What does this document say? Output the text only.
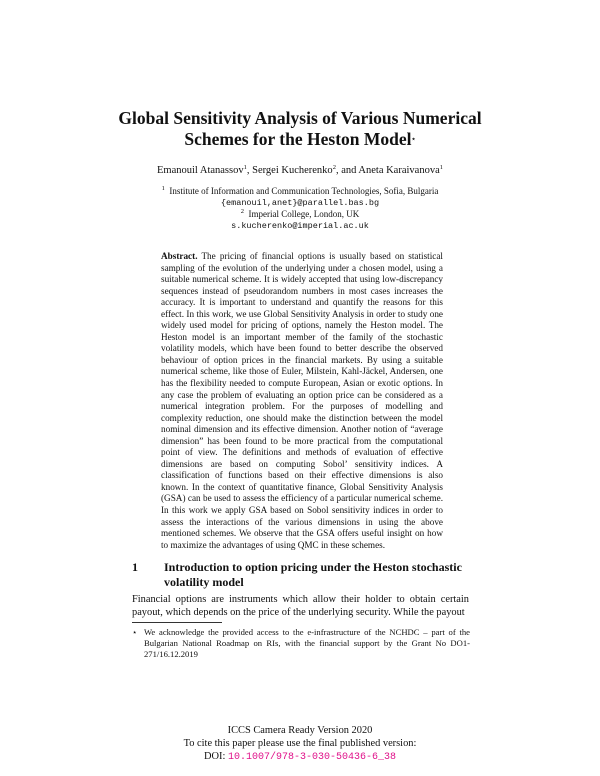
Global Sensitivity Analysis of Various Numerical
Schemes for the Heston Model⋆
Emanouil Atanassov$^1$, Sergei Kucherenko$^2$, and Aneta Karaivanova$^1$
$^1$ Institute of Information and Communication Technologies, Sofia, Bulgaria
{emanouil,anet}@parallel.bas.bg
$^2$ Imperial College, London, UK
s.kucherenko@imperial.ac.uk
Abstract. The pricing of financial options is usually based on statistical sampling of the evolution of the underlying under a chosen model, using a suitable numerical scheme. It is widely accepted that using low-discrepancy sequences instead of pseudorandom numbers in most cases increases the accuracy. It is important to understand and quantify the reasons for this effect. In this work, we use Global Sensitivity Analysis in order to study one widely used model for pricing of options, namely the Heston model. The Heston model is an important member of the family of the stochastic volatility models, which have been found to better describe the observed behaviour of option prices in the financial markets. By using a suitable numerical scheme, like those of Euler, Milstein, Kahl-Jäckel, Andersen, one has the flexibility needed to compute European, Asian or exotic options. In any case the problem of evaluating an option price can be considered as a numerical integration problem. For the purposes of modelling and complexity reduction, one should make the distinction between the model nominal dimension and its effective dimension. Another notion of “average dimension” has been found to be more practical from the computational point of view. The definitions and methods of evaluation of effective dimensions are based on computing Sobol’ sensitivity indices. A classification of functions based on their effective dimensions is also known. In the context of quantitative finance, Global Sensitivity Analysis (GSA) can be used to assess the efficiency of a particular numerical scheme. In this work we apply GSA based on Sobol sensitivity indices in order to assess the interactions of the various dimensions in using the above mentioned schemes. We observe that the GSA offers useful insight on how to maximize the advantages of using QMC in these schemes.
1 Introduction to option pricing under the Heston stochastic volatility model
Financial options are instruments which allow their holder to obtain certain payout, which depends on the price of the underlying security. While the payout
⋆ We acknowledge the provided access to the e-infrastructure of the NCHDC – part of the Bulgarian National Roadmap on RIs, with the financial support by the Grant No DO1-271/16.12.2019
ICCS Camera Ready Version 2020
To cite this paper please use the final published version:
DOI: 10.1007/978-3-030-50436-6_38
